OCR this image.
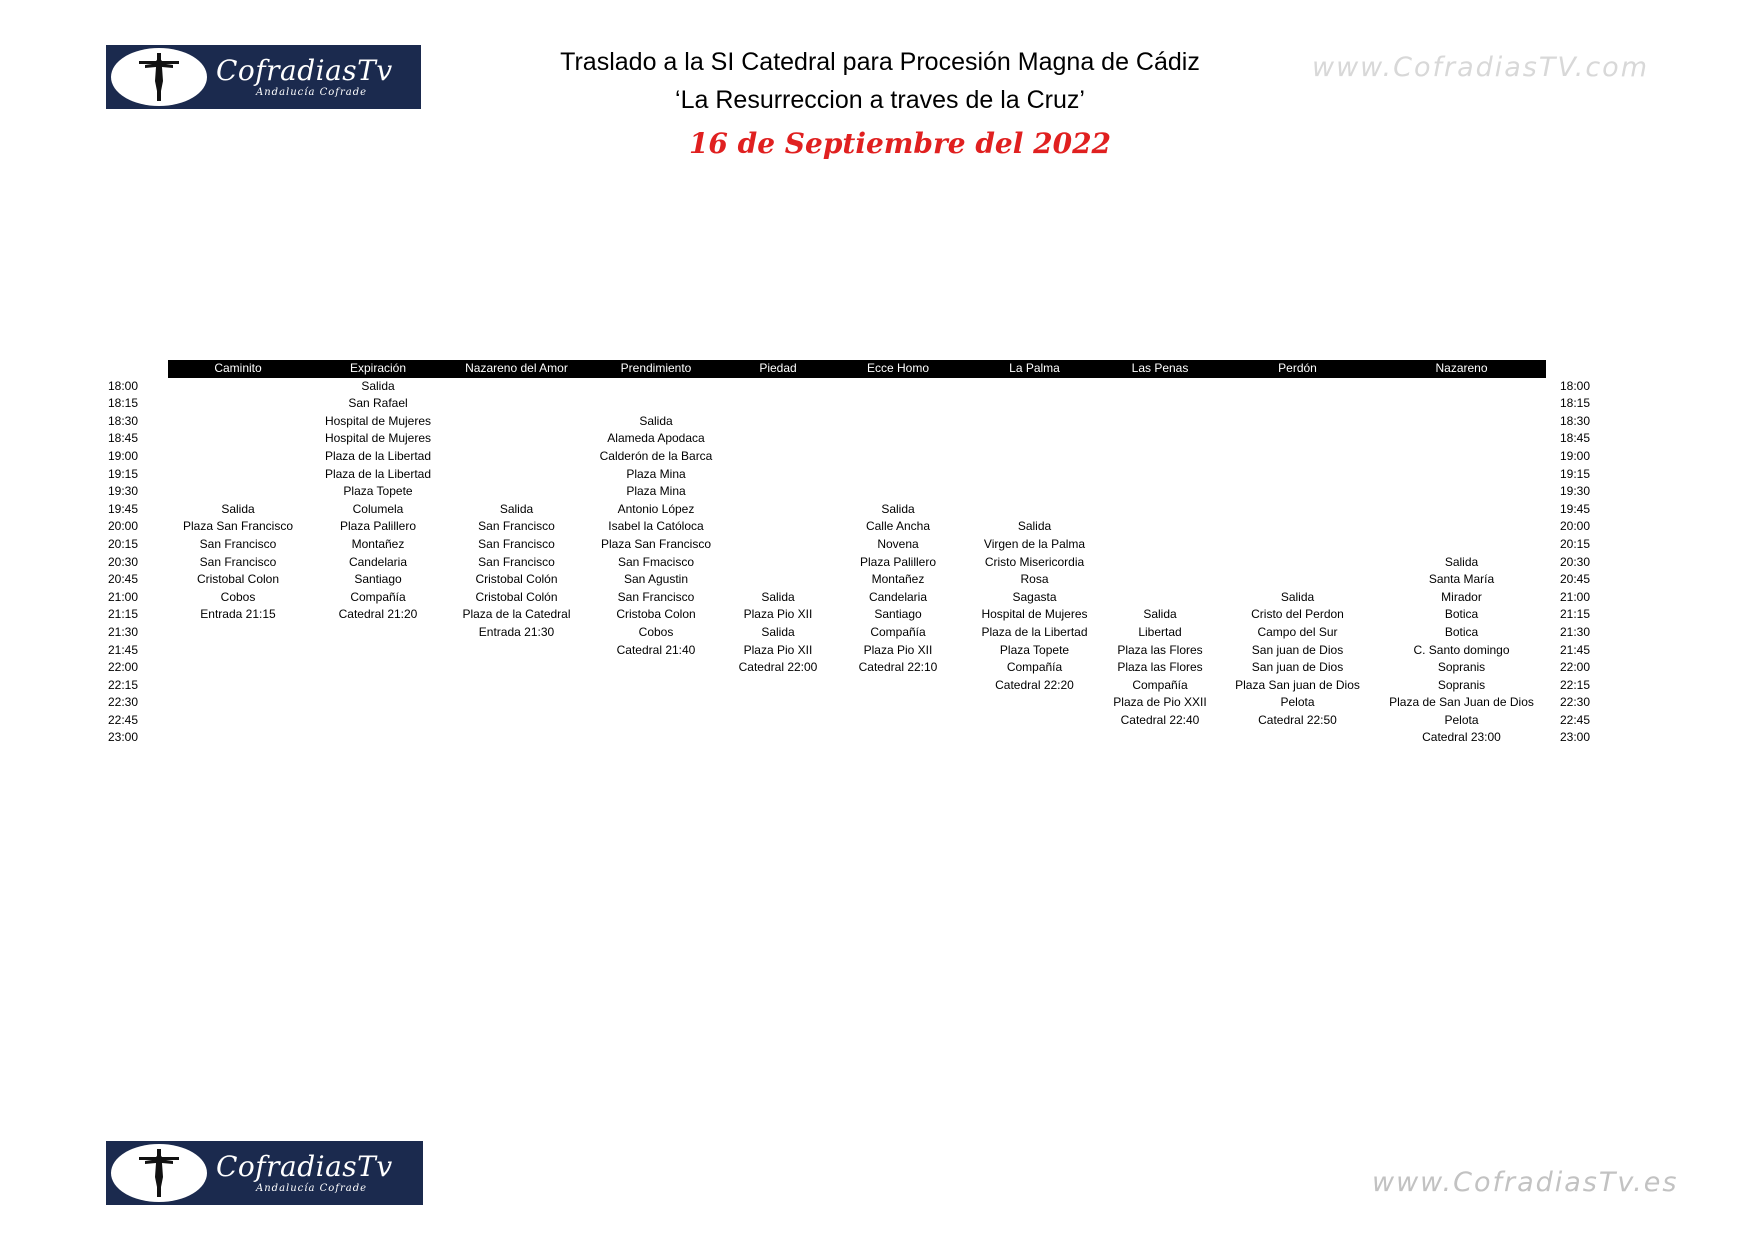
CofradiasTv
Andalucía Cofrade
Traslado a la SI Catedral para Procesión Magna de Cádiz
‘La Resurreccion a traves de la Cruz’
16 de Septiembre del 2022
www.CofradiasTV.com
	Caminito	Expiración	Nazareno del Amor	Prendimiento	Piedad	Ecce Homo	La Palma	Las Penas	Perdón	Nazareno	
18:00		Salida									18:00
18:15		San Rafael									18:15
18:30		Hospital de Mujeres		Salida							18:30
18:45		Hospital de Mujeres		Alameda Apodaca							18:45
19:00		Plaza de la Libertad		Calderón de la Barca							19:00
19:15		Plaza de la Libertad		Plaza Mina							19:15
19:30		Plaza Topete		Plaza Mina							19:30
19:45	Salida	Columela	Salida	Antonio López		Salida					19:45
20:00	Plaza San Francisco	Plaza Palillero	San Francisco	Isabel la Católoca		Calle Ancha	Salida				20:00
20:15	San Francisco	Montañez	San Francisco	Plaza San Francisco		Novena	Virgen de la Palma				20:15
20:30	San Francisco	Candelaria	San Francisco	San Fmacisco		Plaza Palillero	Cristo Misericordia			Salida	20:30
20:45	Cristobal Colon	Santiago	Cristobal Colón	San Agustin		Montañez	Rosa			Santa María	20:45
21:00	Cobos	Compañía	Cristobal Colón	San Francisco	Salida	Candelaria	Sagasta		Salida	Mirador	21:00
21:15	Entrada 21:15	Catedral 21:20	Plaza de la Catedral	Cristoba Colon	Plaza Pio XII	Santiago	Hospital de Mujeres	Salida	Cristo del Perdon	Botica	21:15
21:30			Entrada 21:30	Cobos	Salida	Compañía	Plaza de la Libertad	Libertad	Campo del Sur	Botica	21:30
21:45				Catedral 21:40	Plaza Pio XII	Plaza Pio XII	Plaza Topete	Plaza las Flores	San juan de Dios	C. Santo domingo	21:45
22:00					Catedral 22:00	Catedral 22:10	Compañía	Plaza las Flores	San juan de Dios	Sopranis	22:00
22:15							Catedral 22:20	Compañía	Plaza San juan de Dios	Sopranis	22:15
22:30								Plaza de Pio XXII	Pelota	Plaza de San Juan de Dios	22:30
22:45								Catedral 22:40	Catedral 22:50	Pelota	22:45
23:00										Catedral 23:00	23:00
CofradiasTv
Andalucía Cofrade	www.CofradiasTv.es
